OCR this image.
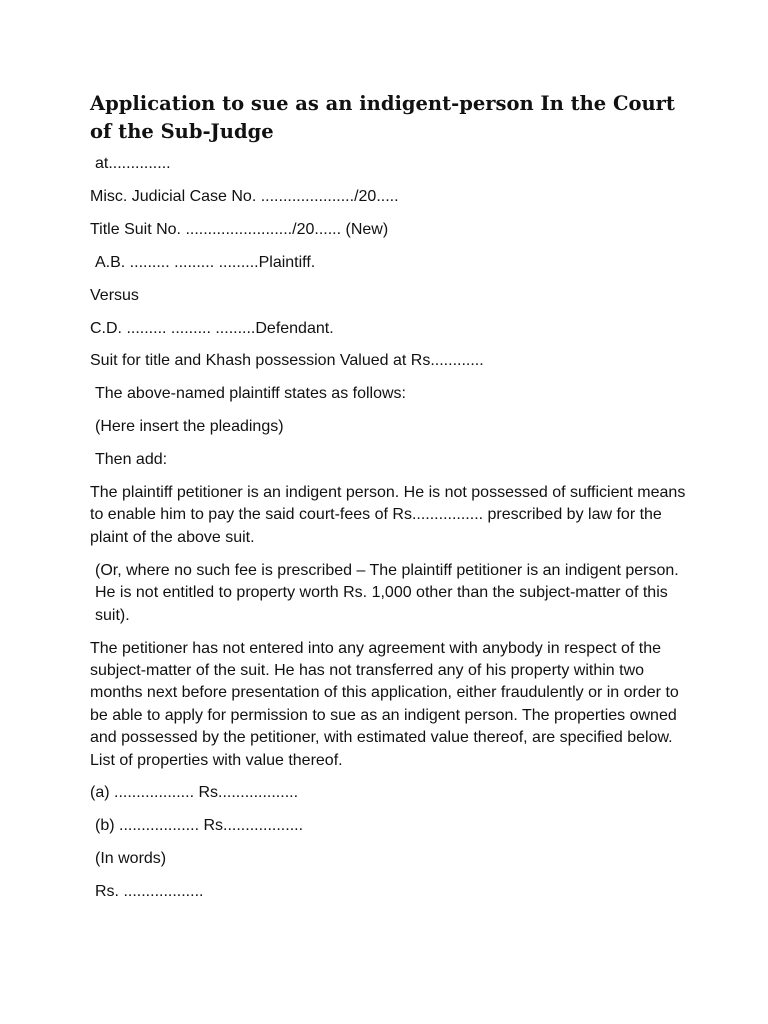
Application to sue as an indigent-person In the Court of the Sub-Judge

at..............

Misc. Judicial Case No. ...................../20.....

Title Suit No. ......................../20...... (New)

A.B. ......... ......... .........Plaintiff.

Versus

C.D. ......... ......... .........Defendant.

Suit for title and Khash possession Valued at Rs............

The above-named plaintiff states as follows:

(Here insert the pleadings)

Then add:

The plaintiff petitioner is an indigent person. He is not possessed of sufficient means to enable him to pay the said court-fees of Rs................ prescribed by law for the plaint of the above suit.

(Or, where no such fee is prescribed – The plaintiff petitioner is an indigent person. He is not entitled to property worth Rs. 1,000 other than the subject-matter of this suit).

The petitioner has not entered into any agreement with anybody in respect of the subject-matter of the suit. He has not transferred any of his property within two months next before presentation of this application, either fraudulently or in order to be able to apply for permission to sue as an indigent person. The properties owned and possessed by the petitioner, with estimated value thereof, are specified below. List of properties with value thereof.

(a) .................. Rs..................

(b) .................. Rs..................

(In words)

Rs. ..................
